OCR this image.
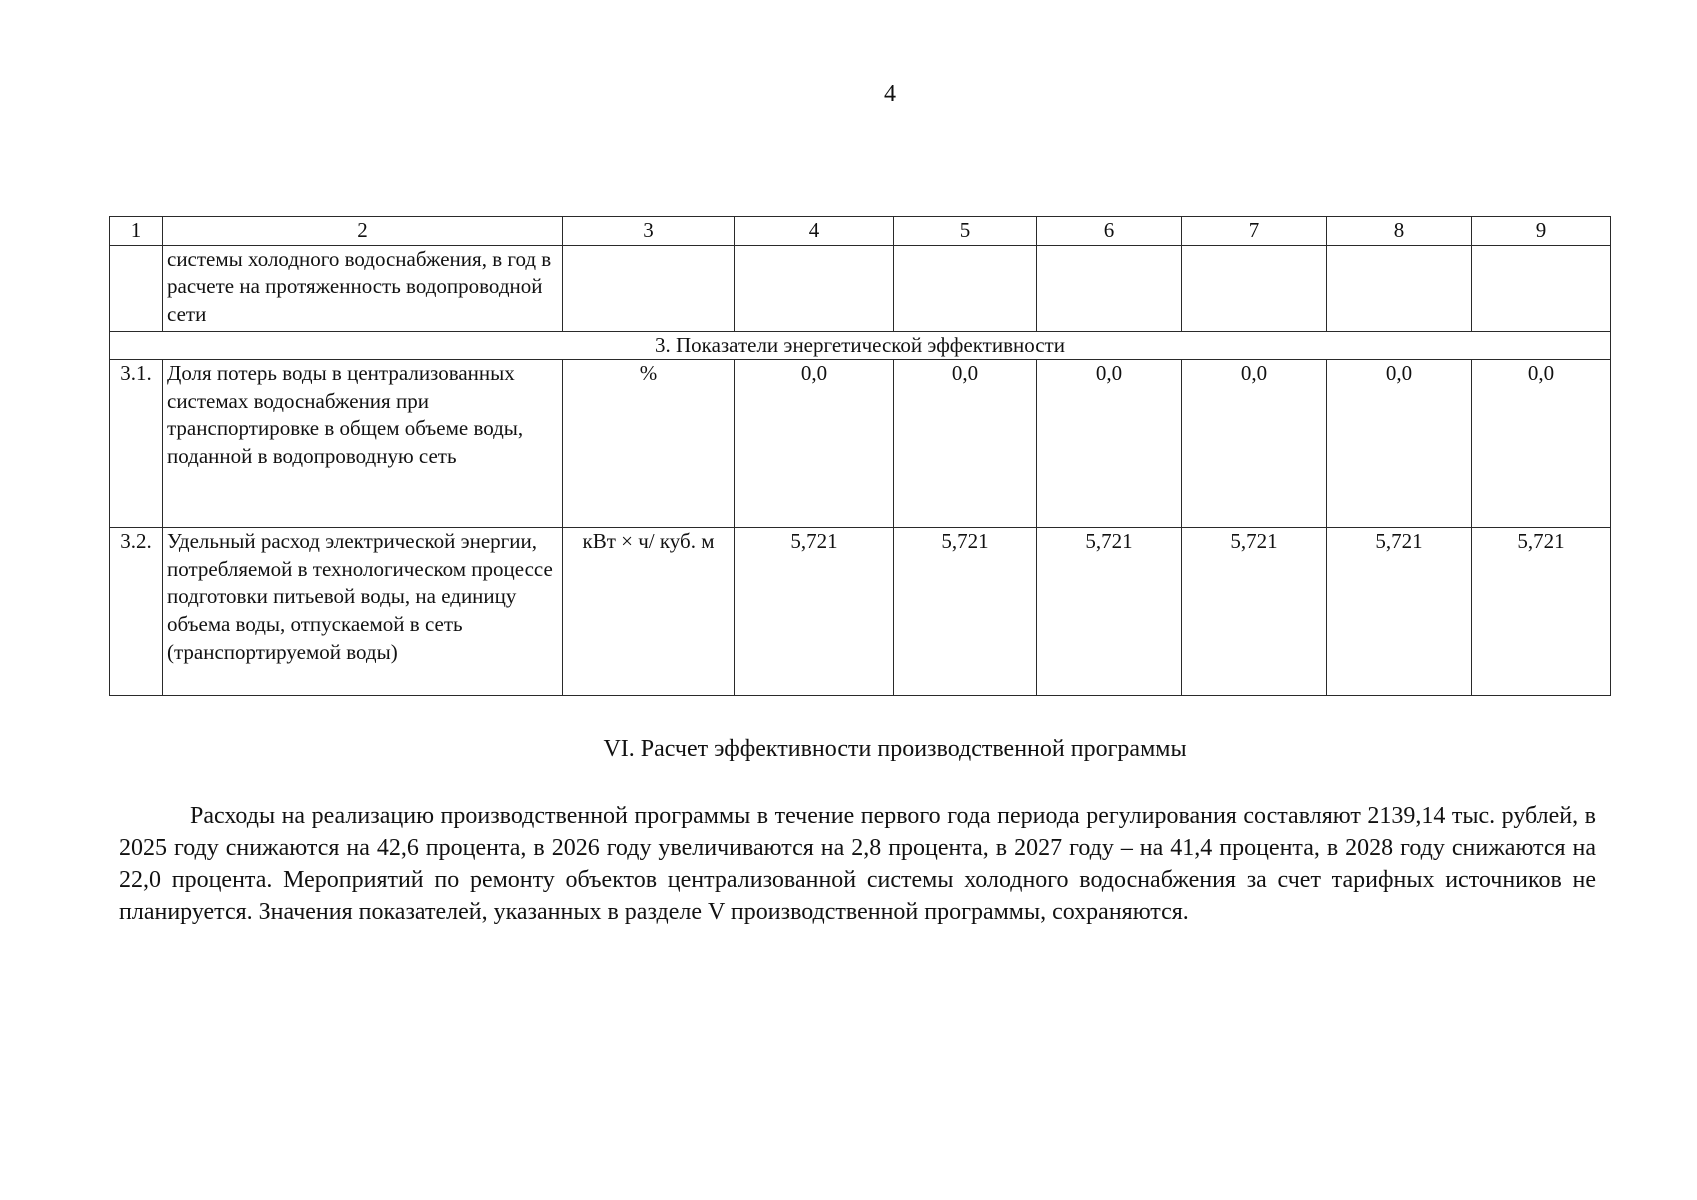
4
1	2	3	4	5	6	7	8	9
	системы холодного водоснабжения, в год в расчете на протяженность водопроводной сети							
3. Показатели энергетической эффективности								
3.1.	Доля потерь воды в централизованных системах водоснабжения при транспортировке в общем объеме воды, поданной в водопроводную сеть	%	0,0	0,0	0,0	0,0	0,0	0,0
3.2.	Удельный расход электрической энергии, потребляемой в технологическом процессе подготовки питьевой воды, на единицу объема воды, отпускаемой в сеть (транспортируемой воды)	кВт × ч/ куб. м	5,721	5,721	5,721	5,721	5,721	5,721
VI. Расчет эффективности производственной программы

Расходы на реализацию производственной программы в течение первого года периода регулирования составляют 2139,14 тыс. рублей, в 2025 году снижаются на 42,6 процента, в 2026 году увеличиваются на 2,8 процента, в 2027 году – на 41,4 процента, в 2028 году снижаются на 22,0 процента. Мероприятий по ремонту объектов централизованной системы холодного водоснабжения за счет тарифных источников не планируется. Значения показателей, указанных в разделе V производственной программы, сохраняются.
